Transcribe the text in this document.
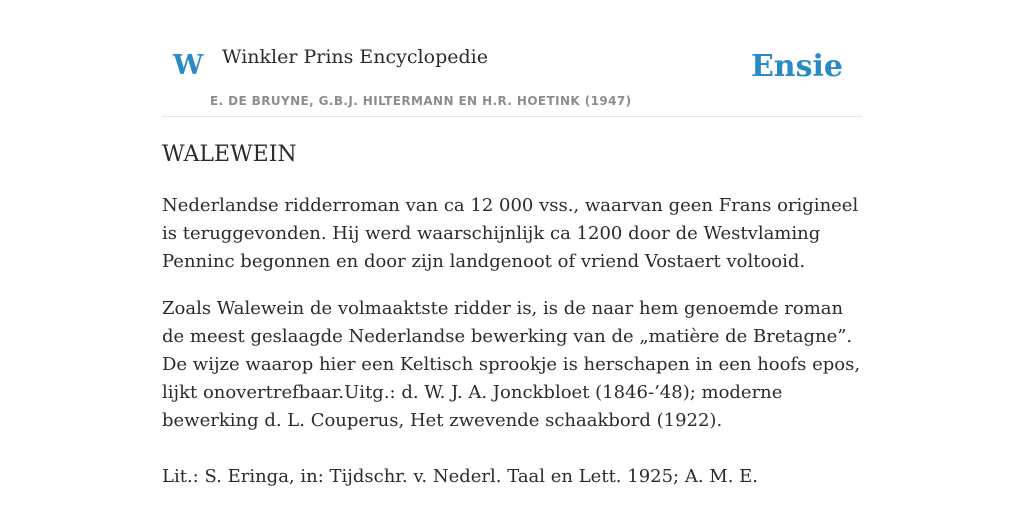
W Winkler Prins Encyclopedie
E. DE BRUYNE, G.B.J. HILTERMANN EN H.R. HOETINK (1947)
Ensie
WALEWEIN

Nederlandse ridderroman van ca 12 000 vss., waarvan geen Frans origineel is teruggevonden. Hij werd waarschijnlijk ca 1200 door de Westvlaming Penninc begonnen en door zijn landgenoot of vriend Vostaert voltooid.

Zoals Walewein de volmaaktste ridder is, is de naar hem genoemde roman de meest geslaagde Nederlandse bewerking van de „matière de Bretagne”. De wijze waarop hier een Keltisch sprookje is herschapen in een hoofs epos, lijkt onovertrefbaar.Uitg.: d. W. J. A. Jonckbloet (1846-’48); moderne bewerking d. L. Couperus, Het zwevende schaakbord (1922).

Lit.: S. Eringa, in: Tijdschr. v. Nederl. Taal en Lett. 1925; A. M. E.
